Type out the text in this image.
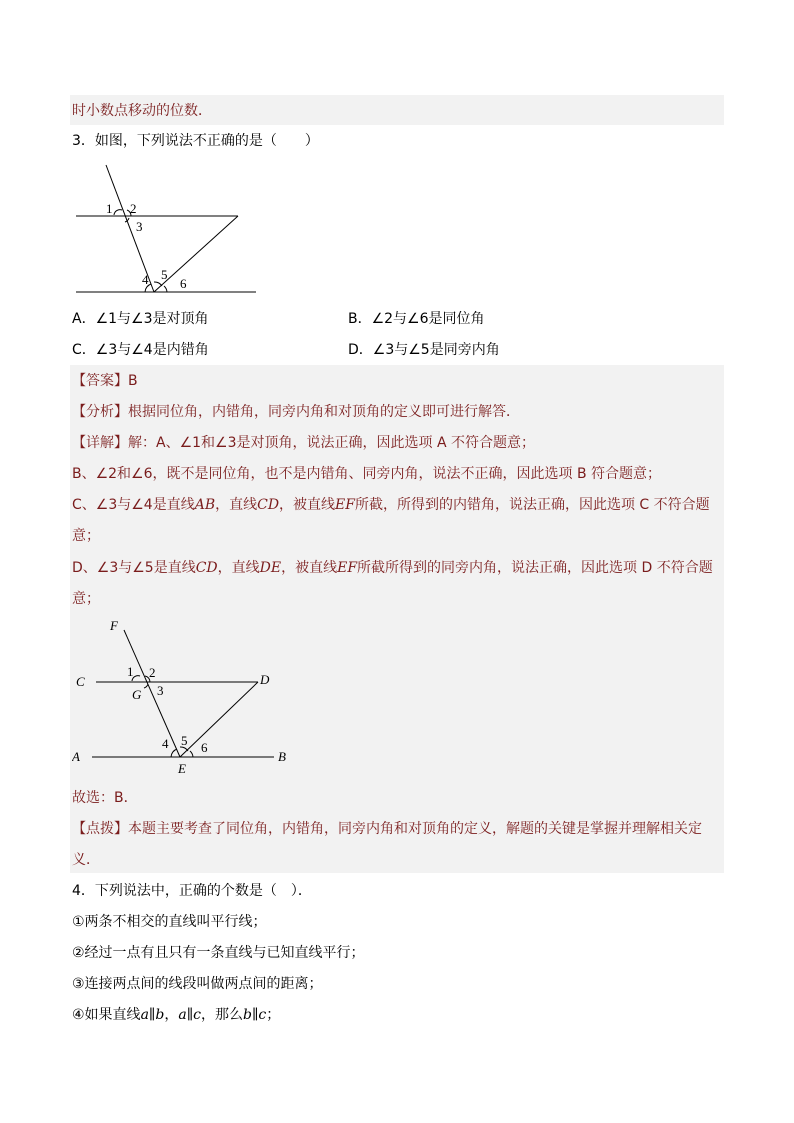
时小数点移动的位数．
3．如图，下列说法不正确的是（　　）
1 2
3
4 5
6
A．∠1与∠3是对顶角	B．∠2与∠6是同位角
C．∠3与∠4是内错角	D．∠3与∠5是同旁内角
【答案】B
【分析】根据同位角，内错角，同旁内角和对顶角的定义即可进行解答．
【详解】解：A、∠1和∠3是对顶角，说法正确，因此选项 A 不符合题意；
B、∠2和∠6，既不是同位角，也不是内错角、同旁内角，说法不正确，因此选项 B 符合题意；
C、∠3与∠4是直线AB，直线CD，被直线EF所截，所得到的内错角，说法正确，因此选项 C 不符合题
意；
D、∠3与∠5是直线CD，直线DE，被直线EF所截所得到的同旁内角，说法正确，因此选项 D 不符合题
意；
F
C	D
G
A	B
E
1 2
3
4 5 6
故选：B．
【点拨】本题主要考查了同位角，内错角，同旁内角和对顶角的定义，解题的关键是掌握并理解相关定
义．
4．下列说法中，正确的个数是（　）．
①两条不相交的直线叫平行线；
②经过一点有且只有一条直线与已知直线平行；
③连接两点间的线段叫做两点间的距离；
④如果直线a∥b，a∥c，那么b∥c；
